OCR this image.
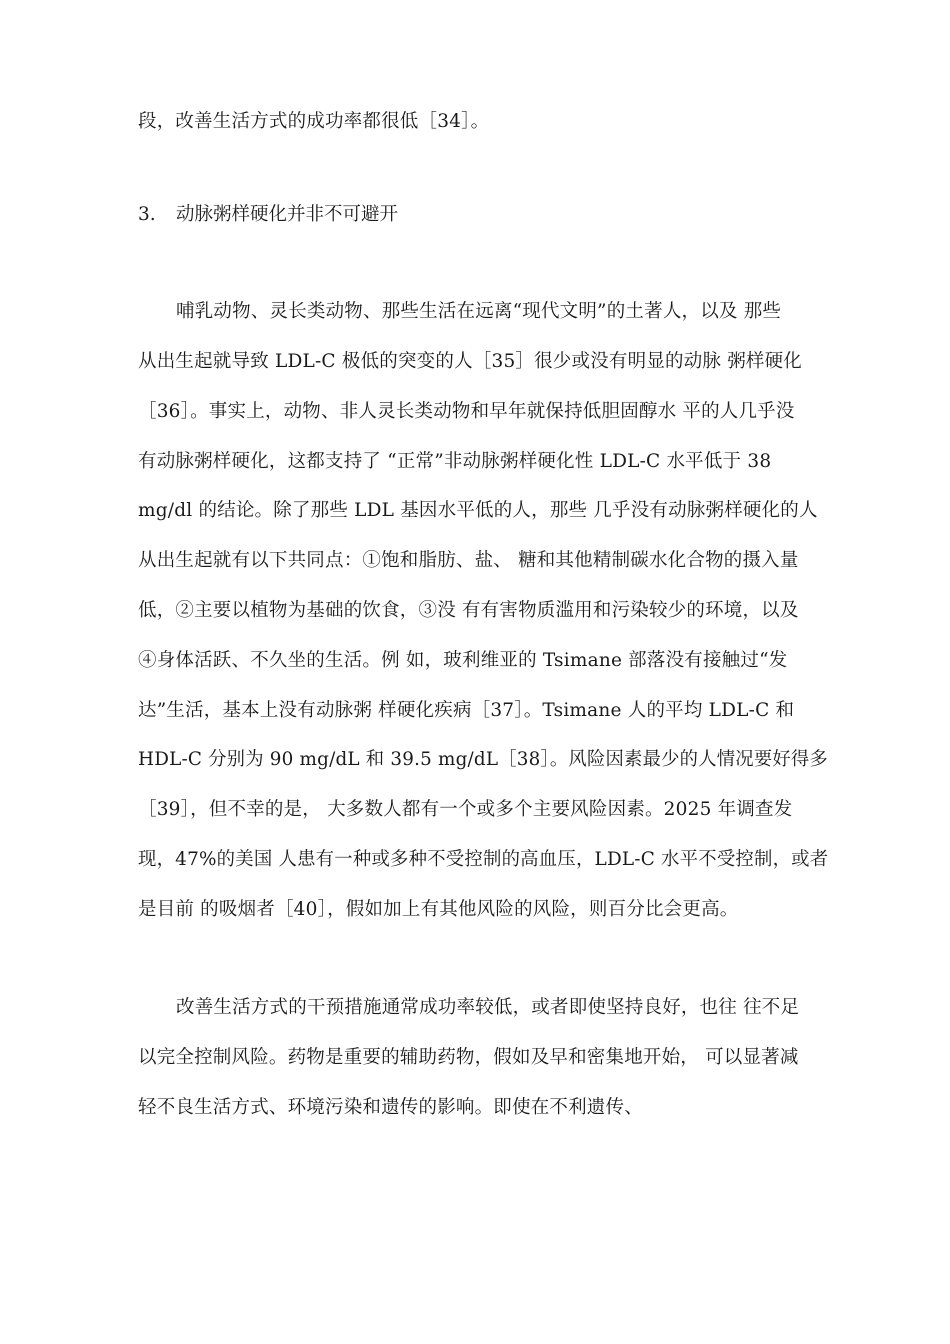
段，改善生活方式的成功率都很低［34］。
3. 动脉粥样硬化并非不可避开
哺乳动物、灵长类动物、那些生活在远离“现代文明”的土著人，以及 那些
从出生起就导致 LDL-C 极低的突变的人［35］很少或没有明显的动脉 粥样硬化
［36］。事实上，动物、非人灵长类动物和早年就保持低胆固醇水 平的人几乎没
有动脉粥样硬化，这都支持了 “正常”非动脉粥样硬化性 LDL-C 水平低于 38
mg/dl 的结论。除了那些 LDL 基因水平低的人，那些 几乎没有动脉粥样硬化的人
从出生起就有以下共同点：①饱和脂肪、盐、 糖和其他精制碳水化合物的摄入量
低，②主要以植物为基础的饮食，③没 有有害物质滥用和污染较少的环境，以及
④身体活跃、不久坐的生活。例 如，玻利维亚的 Tsimane 部落没有接触过“发
达”生活，基本上没有动脉粥 样硬化疾病［37］。Tsimane 人的平均 LDL-C 和
HDL-C 分别为 90 mg/dL 和 39.5 mg/dL［38］。风险因素最少的人情况要好得多
［39］，但不幸的是， 大多数人都有一个或多个主要风险因素。2025 年调查发
现，47%的美国 人患有一种或多种不受控制的高血压，LDL-C 水平不受控制，或者
是目前 的吸烟者［40］，假如加上有其他风险的风险，则百分比会更高。
改善生活方式的干预措施通常成功率较低，或者即使坚持良好，也往 往不足
以完全控制风险。药物是重要的辅助药物，假如及早和密集地开始， 可以显著减
轻不良生活方式、环境污染和遗传的影响。即使在不利遗传、
